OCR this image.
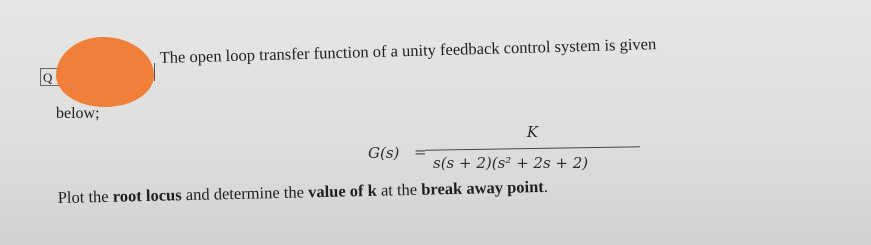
Q
The open loop transfer function of a unity feedback control system is given
below;
G(s) =
K
s(s + 2)(s² + 2s + 2)
Plot the root locus and determine the value of k at the break away point.
